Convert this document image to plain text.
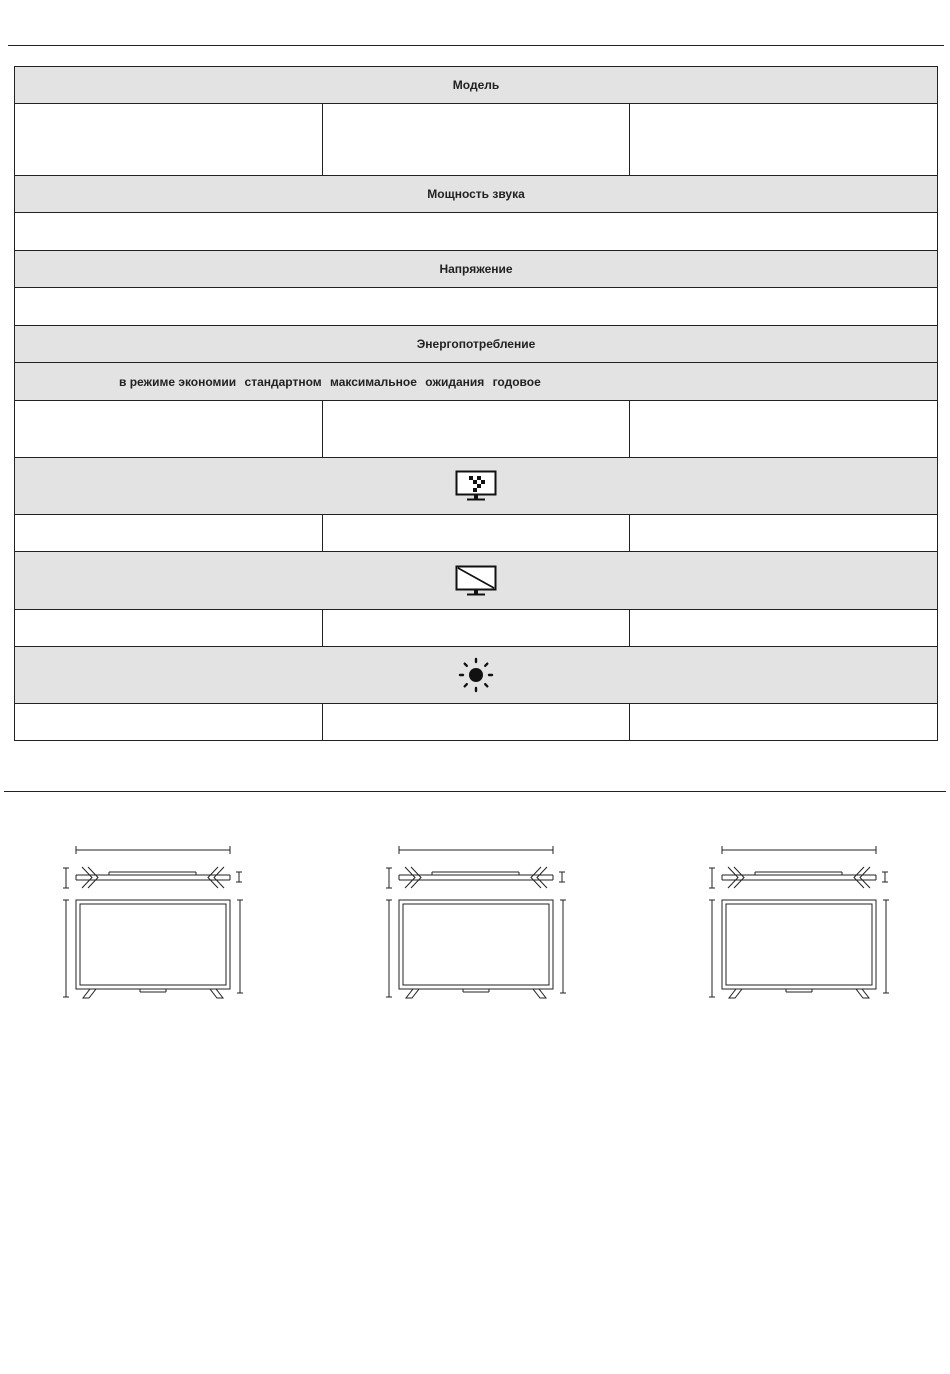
Модель		

Мощность звука		

Напряжение		

Энергопотребление		
в режиме экономии стандартном максимальное ожидания годовое		
